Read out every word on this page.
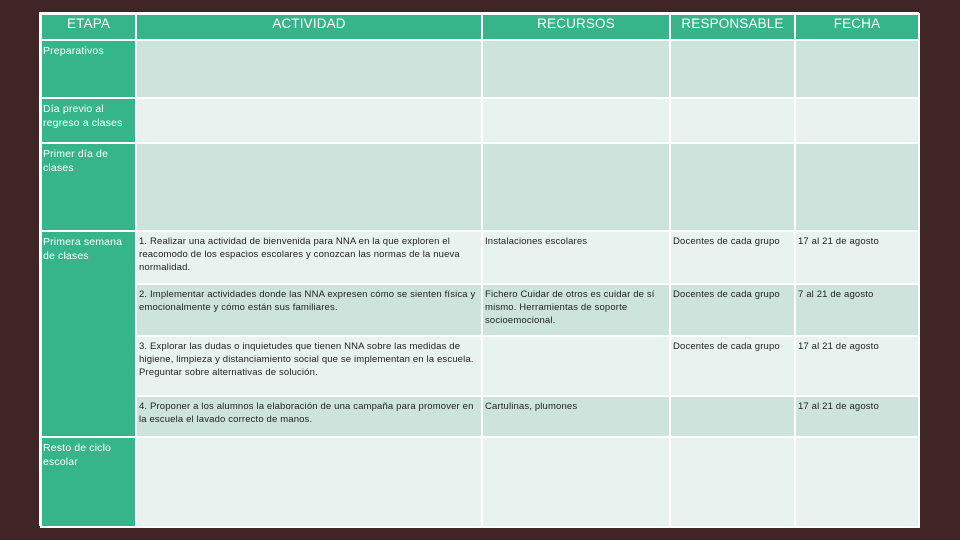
ETAPA	ACTIVIDAD	RECURSOS	RESPONSABLE	FECHA
Preparativos				
Día previo al regreso a clases				
Primer día de clases				
Primera semana de clases	1. Realizar una actividad de bienvenida para NNA en la que exploren el reacomodo de los espacios escolares y conozcan las normas de la nueva normalidad.	Instalaciones escolares	Docentes de cada grupo	17 al 21 de agosto
	2. Implementar actividades donde las NNA expresen cómo se sienten física y emocionalmente y cómo están sus familiares.	Fichero Cuidar de otros es cuidar de sí mismo. Herramientas de soporte socioemocional.	Docentes de cada grupo	7 al 21 de agosto
	3. Explorar las dudas o inquietudes que tienen NNA sobre las medidas de higiene, limpieza y distanciamiento social que se implementan en la escuela. Preguntar sobre alternativas de solución.		Docentes de cada grupo	17 al 21 de agosto
	4. Proponer a los alumnos la elaboración de una campaña para promover en la escuela el lavado correcto de manos.	Cartulinas, plumones		17 al 21 de agosto
Resto de ciclo escolar				
